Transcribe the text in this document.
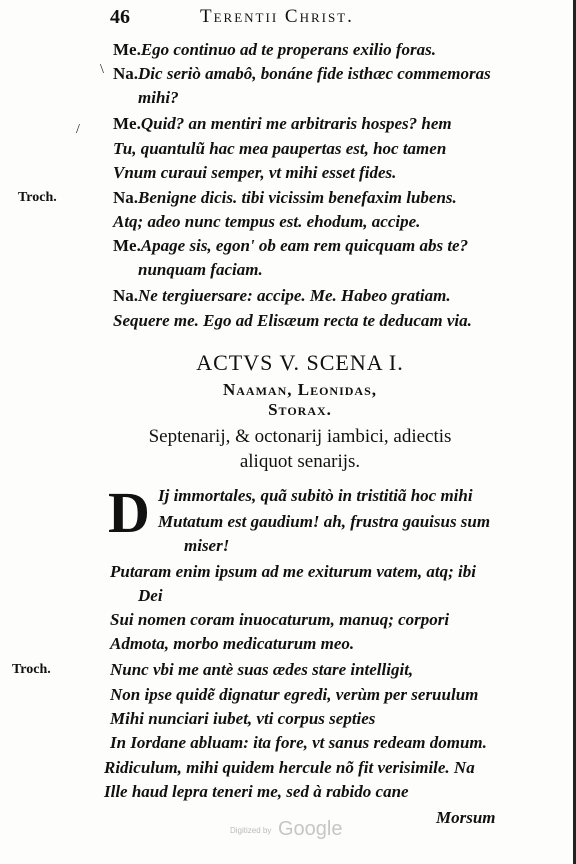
46	Terentii Christ.
/
\
Me.Ego continuo ad te properans exilio foras.
Na.Dic seriò amabô, bonáne fide isthæc commemoras
mihi?
Me.Quid? an mentiri me arbitraris hospes? hem
Tu, quantulũ hac mea paupertas est, hoc tamen
Vnum curaui semper, vt mihi esset fides.
Troch.	Na.Benigne dicis. tibi vicissim benefaxim lubens.
Atq; adeo nunc tempus est. ehodum, accipe.
Me.Apage sis, egon' ob eam rem quicquam abs te?
nunquam faciam.
Na.Ne tergiuersare: accipe. Me. Habeo gratiam.
Sequere me. Ego ad Elisæum recta te deducam via.
ACTVS V. SCENA I.
Naaman, Leonidas,
Storax.
Septenarij, & octonarij iambici, adiectis
aliquot senarijs.
D Ij immortales, quã subitò in tristitiã hoc mihi
Mutatum est gaudium! ah, frustra gauisus sum
miser!
Putaram enim ipsum ad me exiturum vatem, atq; ibi
Dei
Sui nomen coram inuocaturum, manuq; corpori
Admota, morbo medicaturum meo.
Troch.	Nunc vbi me antè suas ædes stare intelligit,
Non ipse quidẽ dignatur egredi, verùm per seruulum
Mihi nunciari iubet, vti corpus septies
In Iordane abluam: ita fore, vt sanus redeam domum.
Ridiculum, mihi quidem hercule nõ fit verisimile. Na
Ille haud lepra teneri me, sed à rabido cane
Morsum
Digitized by Google
